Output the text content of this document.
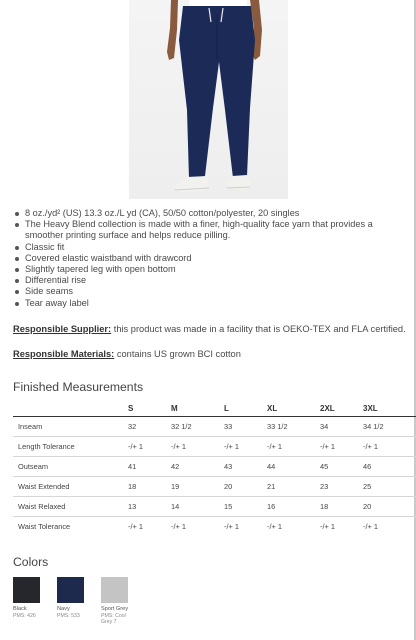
8 oz./yd² (US) 13.3 oz./L yd (CA), 50/50 cotton/polyester, 20 singles
The Heavy Blend collection is made with a finer, high-quality face yarn that provides a smoother printing surface and helps reduce pilling.
Classic fit
Covered elastic waistband with drawcord
Slightly tapered leg with open bottom
Differential rise
Side seams
Tear away label
Responsible Supplier: this product was made in a facility that is OEKO-TEX and FLA certified.
Responsible Materials: contains US grown BCI cotton
Finished Measurements
	S	M	L	XL	2XL	3XL
Inseam	32	32 1/2	33	33 1/2	34	34 1/2
Length Tolerance	-/+ 1	-/+ 1	-/+ 1	-/+ 1	-/+ 1	-/+ 1
Outseam	41	42	43	44	45	46
Waist Extended	18	19	20	21	23	25
Waist Relaxed	13	14	15	16	18	20
Waist Tolerance	-/+ 1	-/+ 1	-/+ 1	-/+ 1	-/+ 1	-/+ 1
Colors
Black
PMS: 426
Navy
PMS: 533
Sport Grey
PMS: Cool Grey 7
